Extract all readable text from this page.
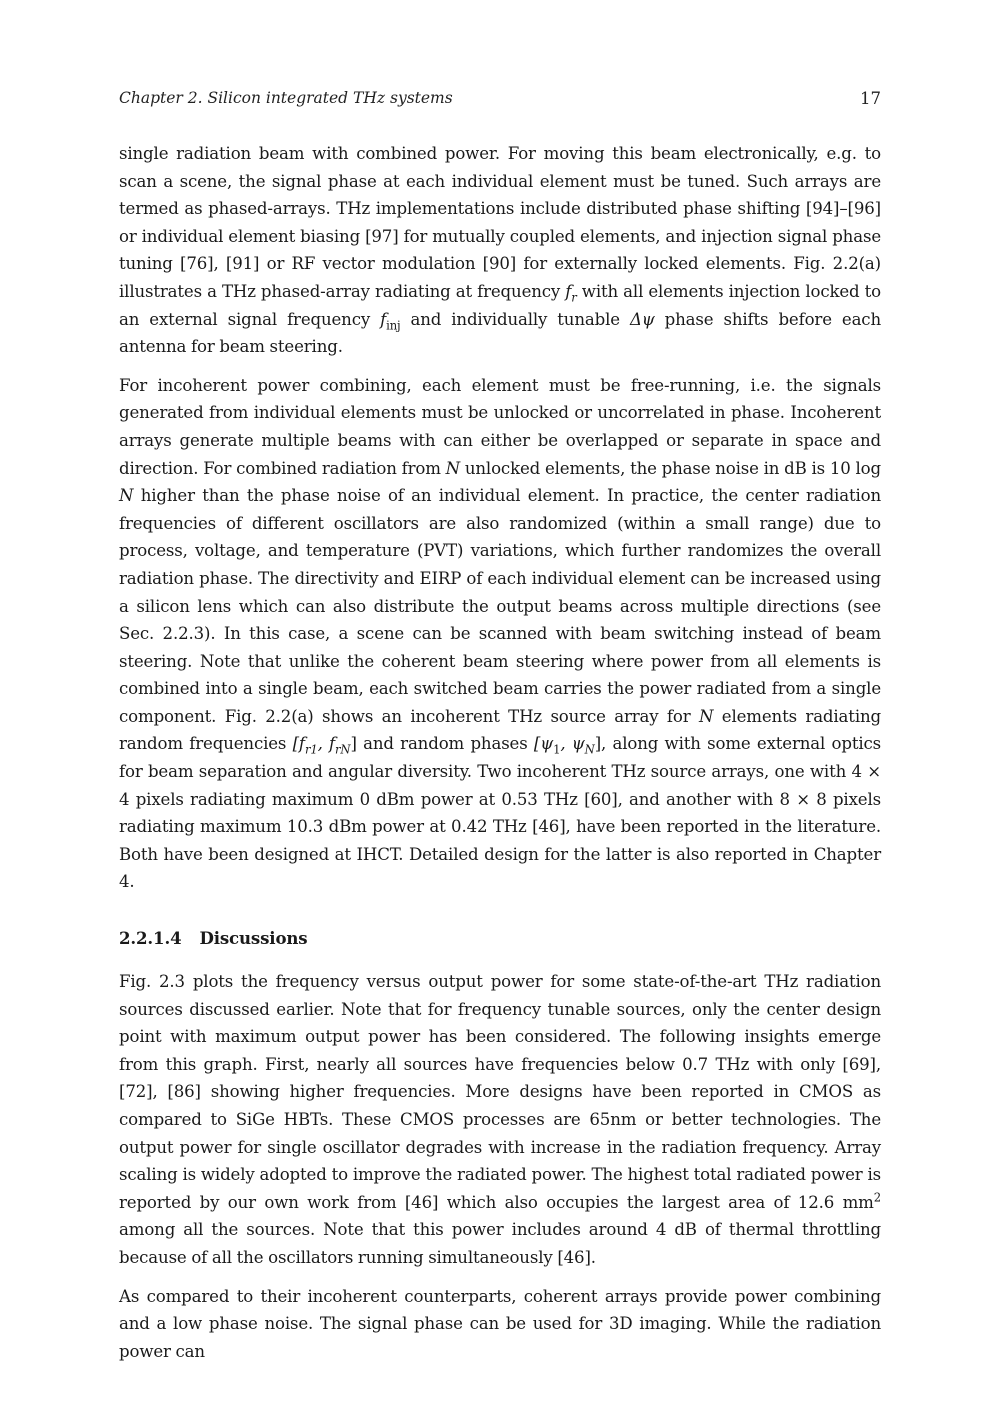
Chapter 2. Silicon integrated THz systems	17

single radiation beam with combined power. For moving this beam electronically, e.g. to scan a scene, the signal phase at each individual element must be tuned. Such arrays are termed as phased-arrays. THz implementations include distributed phase shifting [94]–[96] or individual element biasing [97] for mutually coupled elements, and injection signal phase tuning [76], [91] or RF vector modulation [90] for externally locked elements. Fig. 2.2(a) illustrates a THz phased-array radiating at frequency $f_r$ with all elements injection locked to an external signal frequency $f_{inj}$ and individually tunable Δψ phase shifts before each antenna for beam steering.

For incoherent power combining, each element must be free-running, i.e. the signals generated from individual elements must be unlocked or uncorrelated in phase. Incoherent arrays generate multiple beams with can either be overlapped or separate in space and direction. For combined radiation from N unlocked elements, the phase noise in dB is 10 log N higher than the phase noise of an individual element. In practice, the center radiation frequencies of different oscillators are also randomized (within a small range) due to process, voltage, and temperature (PVT) variations, which further randomizes the overall radiation phase. The directivity and EIRP of each individual element can be increased using a silicon lens which can also distribute the output beams across multiple directions (see Sec. 2.2.3). In this case, a scene can be scanned with beam switching instead of beam steering. Note that unlike the coherent beam steering where power from all elements is combined into a single beam, each switched beam carries the power radiated from a single component. Fig. 2.2(a) shows an incoherent THz source array for N elements radiating random frequencies [$f_{r1}$, $f_{rN}$] and random phases [$\psi_1$, $\psi_N$], along with some external optics for beam separation and angular diversity. Two incoherent THz source arrays, one with 4 × 4 pixels radiating maximum 0 dBm power at 0.53 THz [60], and another with 8 × 8 pixels radiating maximum 10.3 dBm power at 0.42 THz [46], have been reported in the literature. Both have been designed at IHCT. Detailed design for the latter is also reported in Chapter 4.

2.2.1.4 Discussions

Fig. 2.3 plots the frequency versus output power for some state-of-the-art THz radiation sources discussed earlier. Note that for frequency tunable sources, only the center design point with maximum output power has been considered. The following insights emerge from this graph. First, nearly all sources have frequencies below 0.7 THz with only [69], [72], [86] showing higher frequencies. More designs have been reported in CMOS as compared to SiGe HBTs. These CMOS processes are 65nm or better technologies. The output power for single oscillator degrades with increase in the radiation frequency. Array scaling is widely adopted to improve the radiated power. The highest total radiated power is reported by our own work from [46] which also occupies the largest area of 12.6 $mm^2$ among all the sources. Note that this power includes around 4 dB of thermal throttling because of all the oscillators running simultaneously [46].

As compared to their incoherent counterparts, coherent arrays provide power combining and a low phase noise. The signal phase can be used for 3D imaging. While the radiation power can
